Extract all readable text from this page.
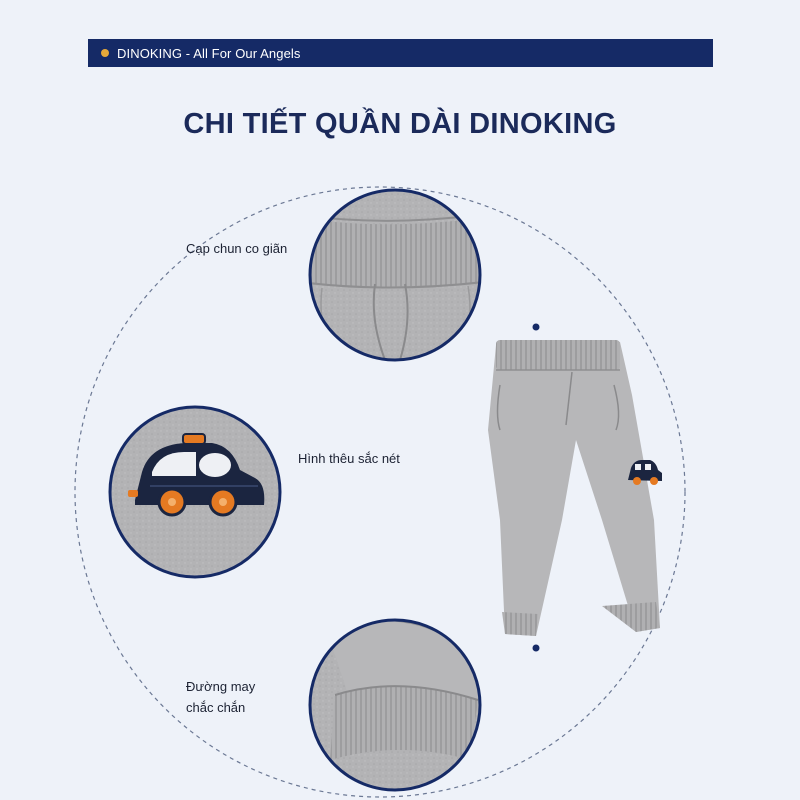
DINOKING - All For Our Angels
CHI TIẾT QUẦN DÀI DINOKING
Cạp chun co giãn
Hình thêu sắc nét
Đường may
chắc chắn
